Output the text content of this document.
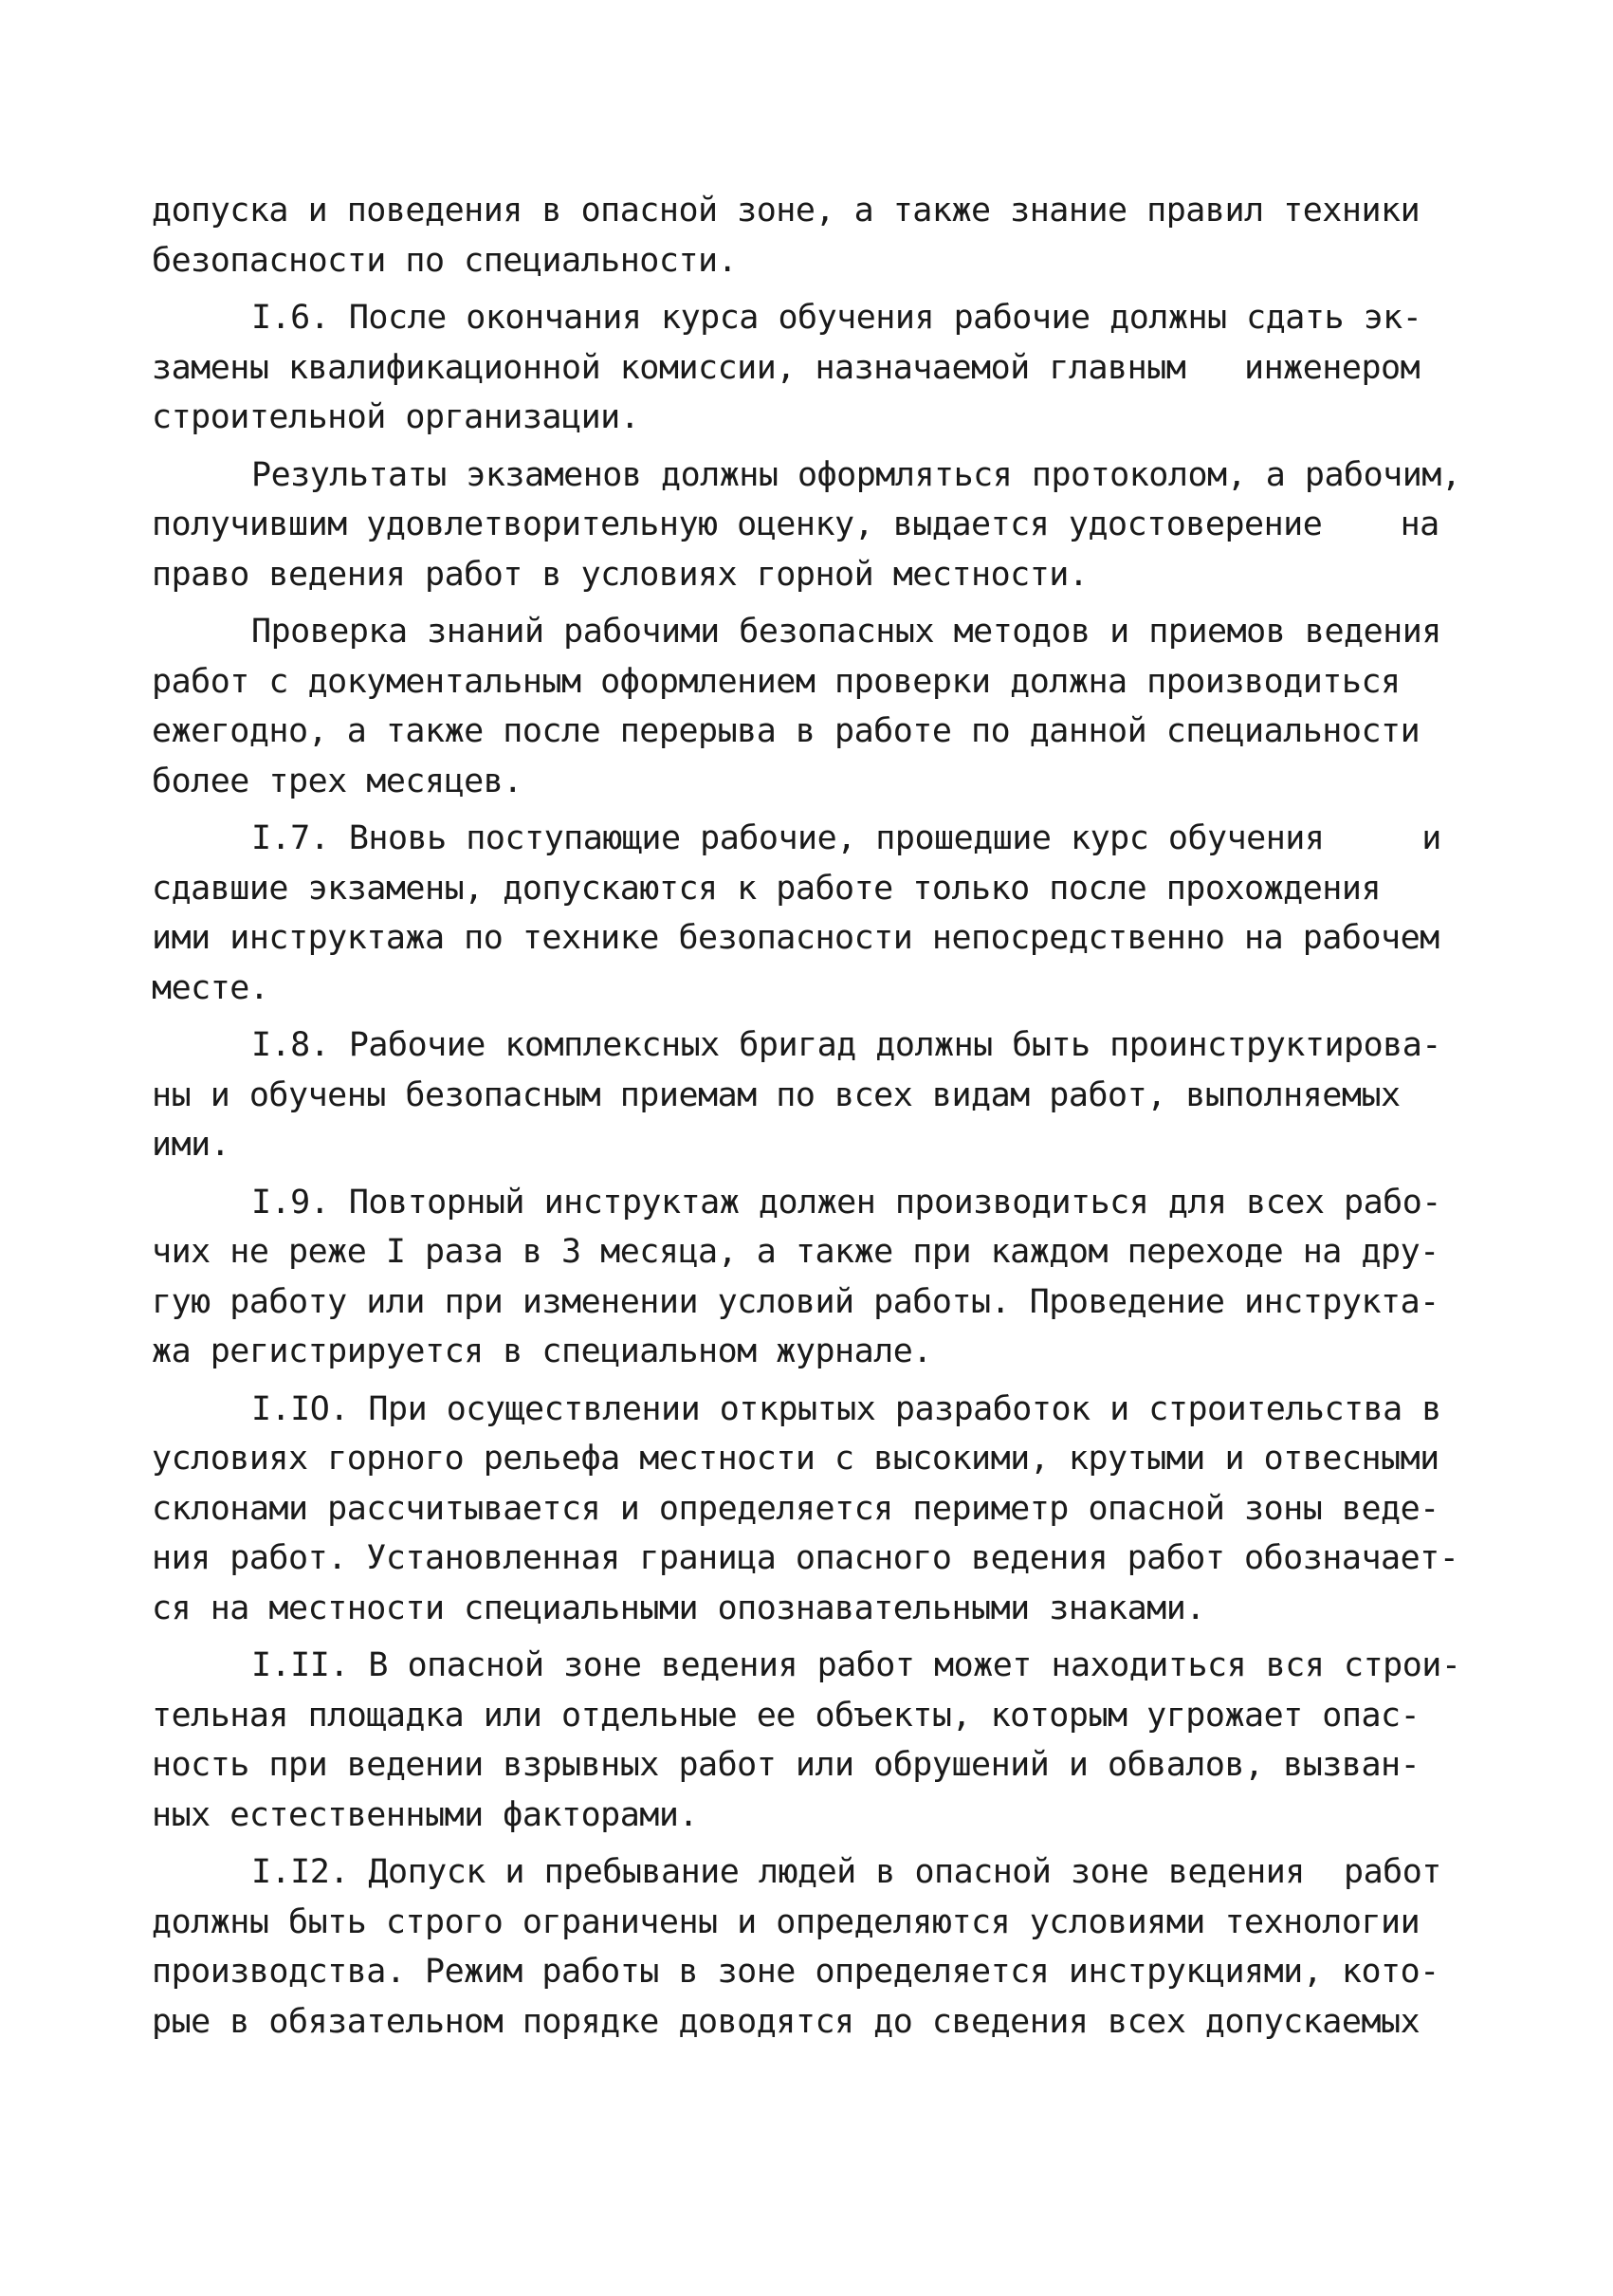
допуска и поведения в опасной зоне, а также знание правил техники
безопасности по специальности.
I.6. После окончания курса обучения рабочие должны сдать эк-
замены квалификационной комиссии, назначаемой главным   инженером
строительной организации.
Результаты экзаменов должны оформляться протоколом, а рабочим,
получившим удовлетворительную оценку, выдается удостоверение    на
право ведения работ в условиях горной местности.
Проверка знаний рабочими безопасных методов и приемов ведения
работ с документальным оформлением проверки должна производиться
ежегодно, а также после перерыва в работе по данной специальности
более трех месяцев.
I.7. Вновь поступающие рабочие, прошедшие курс обучения     и
сдавшие экзамены, допускаются к работе только после прохождения
ими инструктажа по технике безопасности непосредственно на рабочем
месте.
I.8. Рабочие комплексных бригад должны быть проинструктирова-
ны и обучены безопасным приемам по всех видам работ, выполняемых
ими.
I.9. Повторный инструктаж должен производиться для всех рабо-
чих не реже I раза в 3 месяца, а также при каждом переходе на дру-
гую работу или при изменении условий работы. Проведение инструкта-
жа регистрируется в специальном журнале.
I.IO. При осуществлении открытых разработок и строительства в
условиях горного рельефа местности с высокими, крутыми и отвесными
склонами рассчитывается и определяется периметр опасной зоны веде-
ния работ. Установленная граница опасного ведения работ обозначает-
ся на местности специальными опознавательными знаками.
I.II. В опасной зоне ведения работ может находиться вся строи-
тельная площадка или отдельные ее объекты, которым угрожает опас-
ность при ведении взрывных работ или обрушений и обвалов, вызван-
ных естественными факторами.
I.I2. Допуск и пребывание людей в опасной зоне ведения  работ
должны быть строго ограничены и определяются условиями технологии
производства. Режим работы в зоне определяется инструкциями, кото-
рые в обязательном порядке доводятся до сведения всех допускаемых
